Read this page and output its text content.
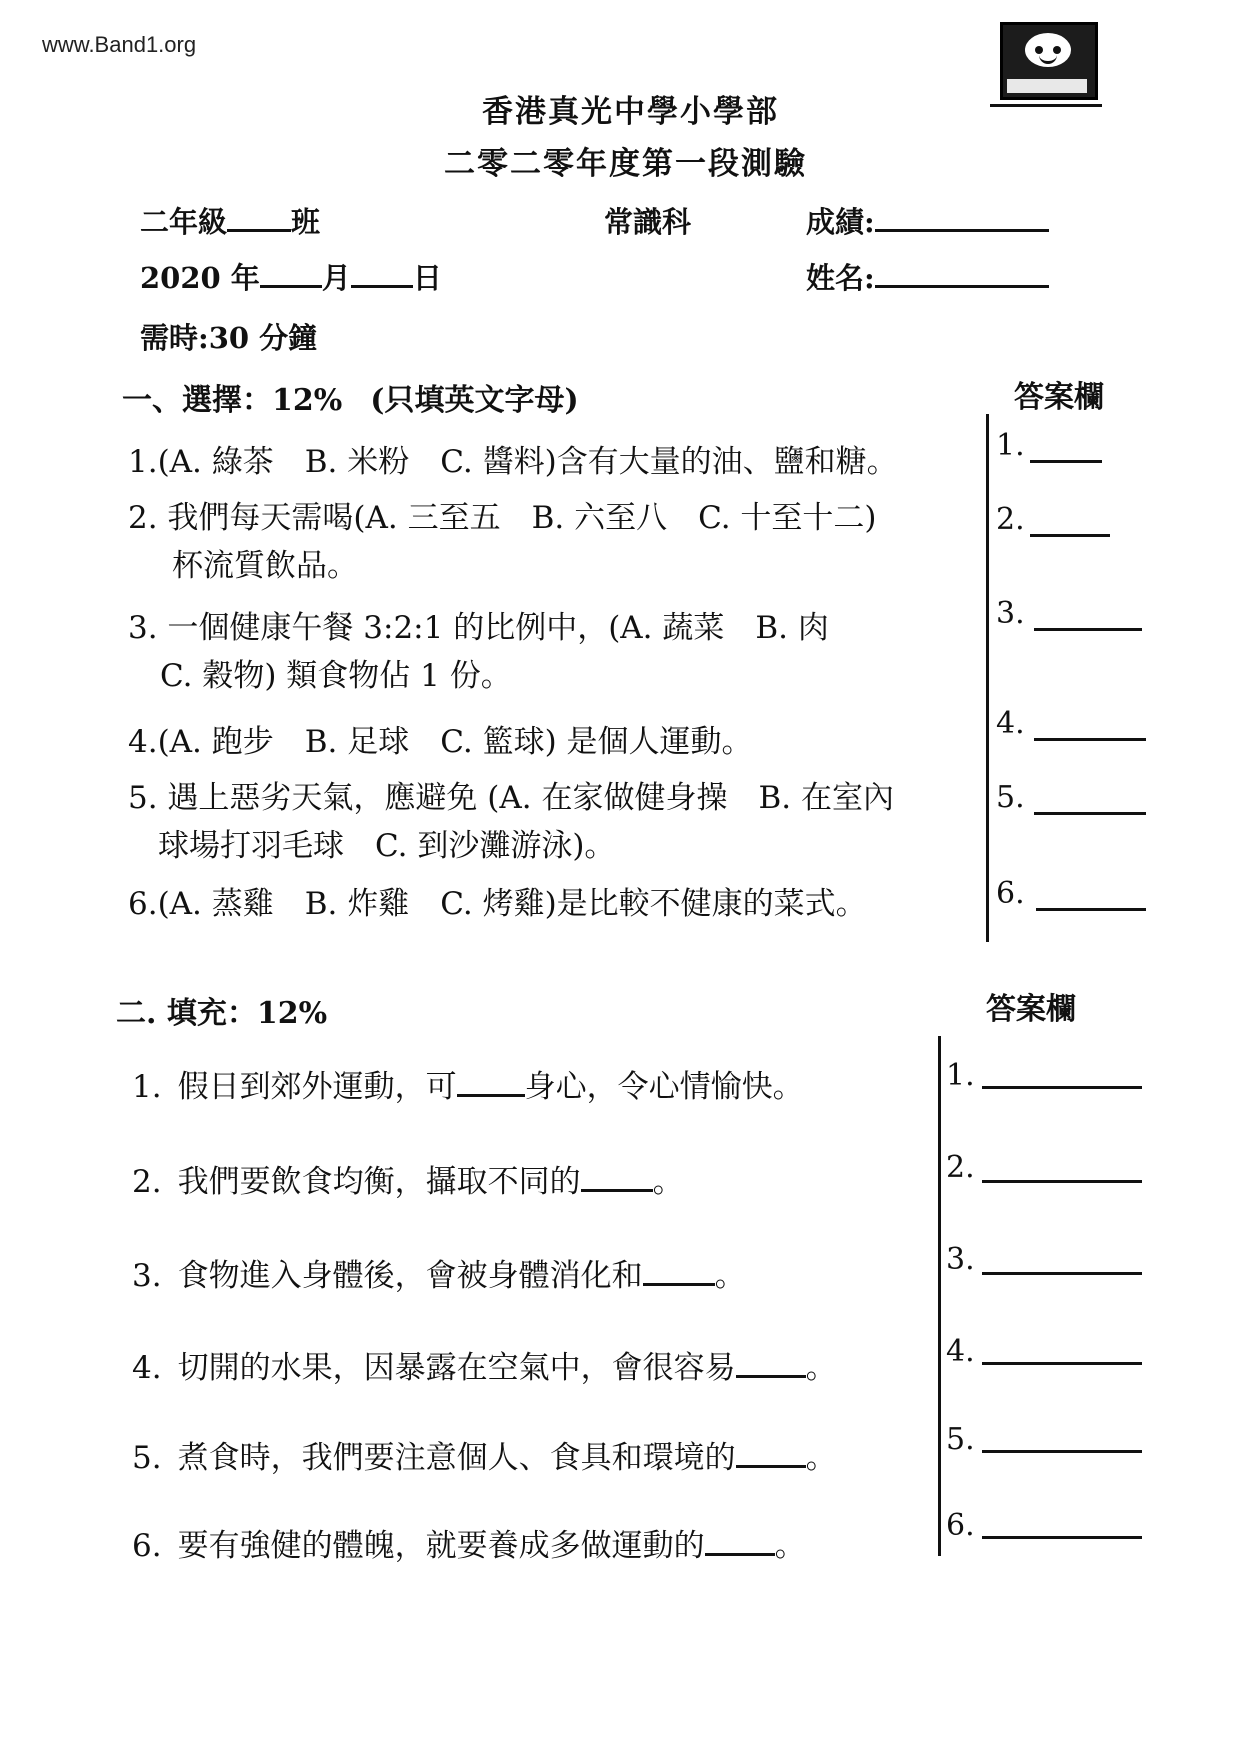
www.Band1.org
香港真光中學小學部
二零二零年度第一段測驗
二年級 班	常識科	成績:
2020 年 月 日	姓名:
需時:30 分鐘
一、選擇：12% (只填英文字母)	答案欄
1.(A. 綠茶　B. 米粉　C. 醬料)含有大量的油、鹽和糖。
2. 我們每天需喝(A. 三至五　B. 六至八　C. 十至十二)
杯流質飲品。
3. 一個健康午餐 3:2:1 的比例中，(A. 蔬菜　B. 肉
C. 穀物) 類食物佔 1 份。
4.(A. 跑步　B. 足球　C. 籃球) 是個人運動。
5. 遇上惡劣天氣，應避免 (A. 在家做健身操　B. 在室內
球場打羽毛球　C. 到沙灘游泳)。
6.(A. 蒸雞　B. 炸雞　C. 烤雞)是比較不健康的菜式。
1.
2.
3.
4.
5.
6.
二. 填充：12%	答案欄
1. 假日到郊外運動，可 身心，令心情愉快。
2. 我們要飲食均衡，攝取不同的 。
3. 食物進入身體後，會被身體消化和 。
4. 切開的水果，因暴露在空氣中，會很容易 。
5. 煮食時，我們要注意個人、食具和環境的 。
6. 要有強健的體魄，就要養成多做運動的 。
1.
2.
3.
4.
5.
6.
